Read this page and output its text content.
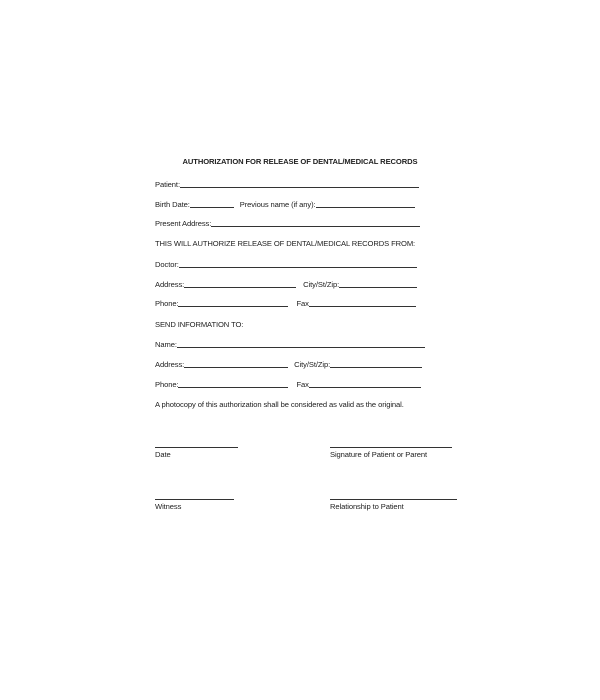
AUTHORIZATION FOR RELEASE OF DENTAL/MEDICAL RECORDS
Patient:
Birth Date:	Previous name (if any):
Present Address:
THIS WILL AUTHORIZE RELEASE OF DENTAL/MEDICAL RECORDS FROM:
Doctor:
Address:	City/St/Zip:
Phone:	Fax
SEND INFORMATION TO:
Name:
Address:	City/St/Zip:
Phone:	Fax
A photocopy of this authorization shall be considered as valid as the original.
Date	Signature of Patient or Parent
Witness	Relationship to Patient
